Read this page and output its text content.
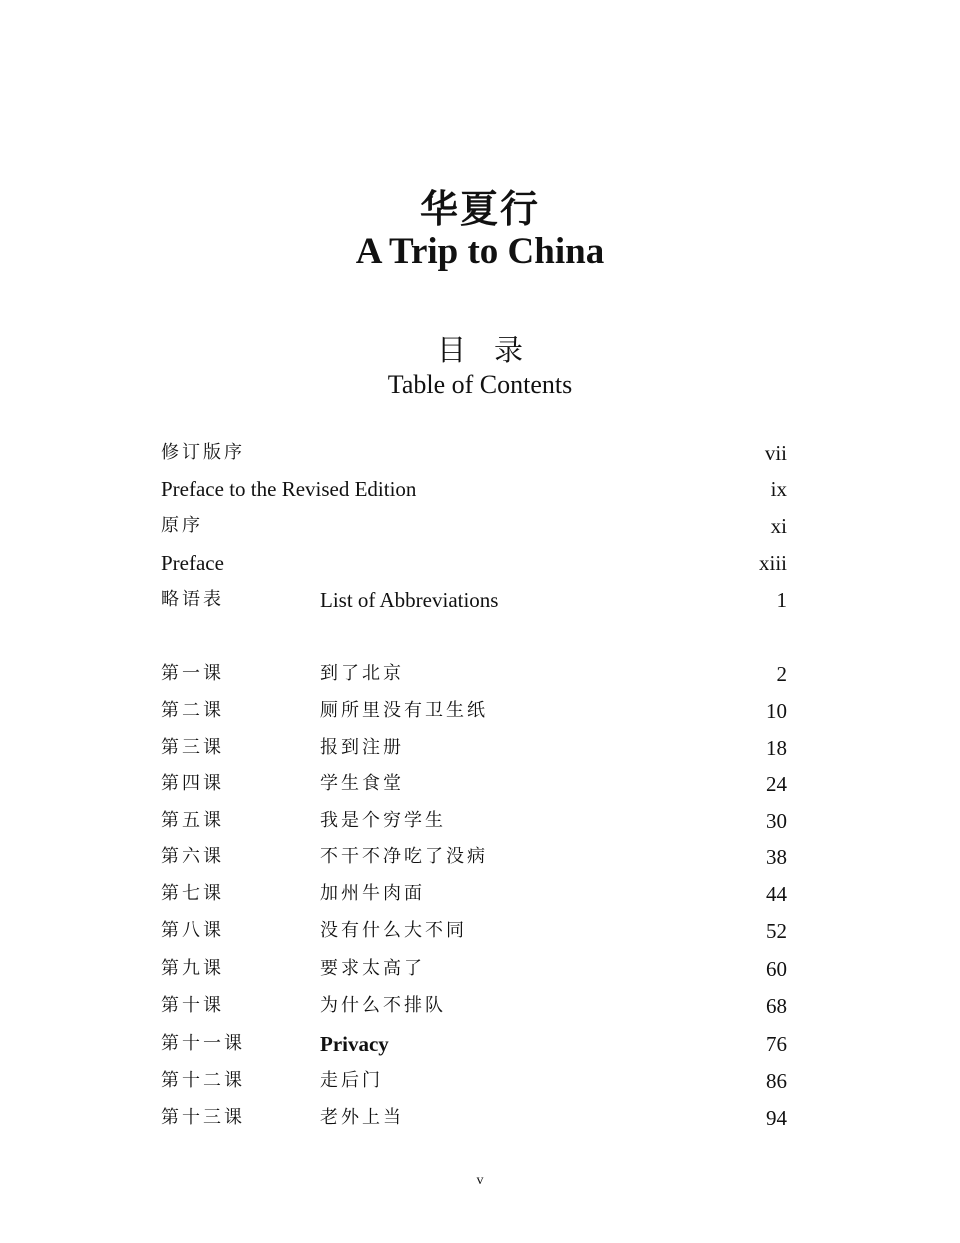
华夏行
A Trip to China
目录
Table of Contents
修订版序	vii
Preface to the Revised Edition	ix
原序	xi
Preface	xiii
略语表	List of Abbreviations	1
第一课	到了北京	2
第二课	厕所里没有卫生纸	10
第三课	报到注册	18
第四课	学生食堂	24
第五课	我是个穷学生	30
第六课	不干不净吃了没病	38
第七课	加州牛肉面	44
第八课	没有什么大不同	52
第九课	要求太高了	60
第十课	为什么不排队	68
第十一课	Privacy	76
第十二课	走后门	86
第十三课	老外上当	94
v
